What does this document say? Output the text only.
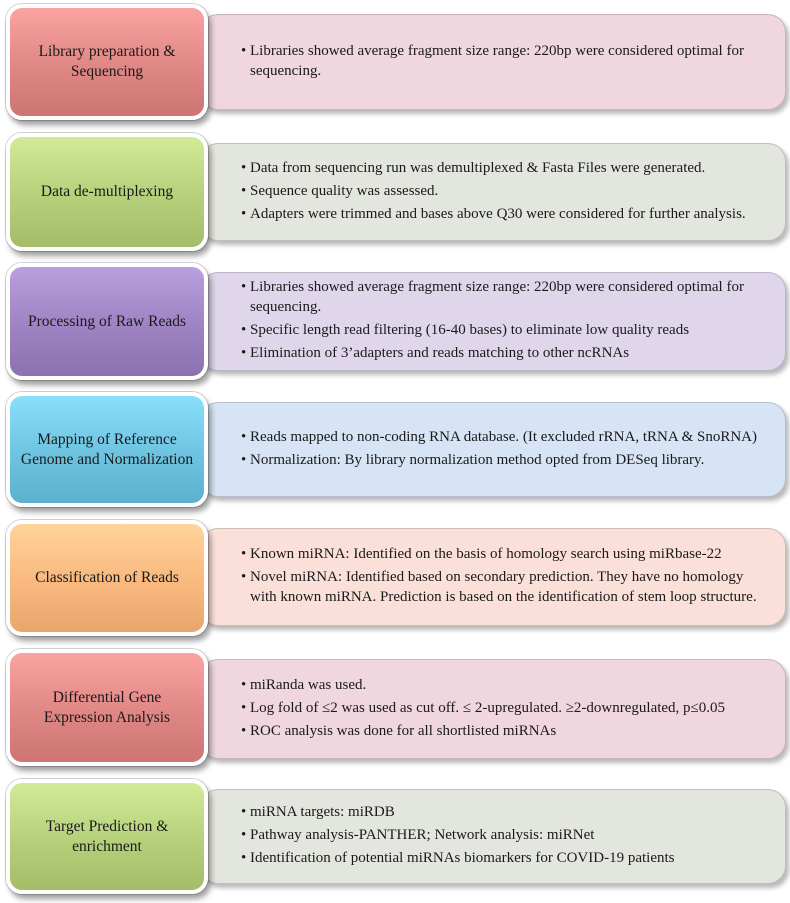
• Libraries showed average fragment size range: 220bp were considered optimal for sequencing.
Library preparation & Sequencing
• Data from sequencing run was demultiplexed & Fasta Files were generated.
• Sequence quality was assessed.
• Adapters were trimmed and bases above Q30 were considered for further analysis.
Data de-multiplexing
• Libraries showed average fragment size range: 220bp were considered optimal for sequencing.
• Specific length read filtering (16-40 bases) to eliminate low quality reads
• Elimination of 3’adapters and reads matching to other ncRNAs
Processing of Raw Reads
• Reads mapped to non-coding RNA database. (It excluded rRNA, tRNA & SnoRNA)
• Normalization: By library normalization method opted from DESeq library.
Mapping of Reference Genome and Normalization
• Known miRNA: Identified on the basis of homology search using miRbase-22
• Novel miRNA: Identified based on secondary prediction. They have no homology with known miRNA. Prediction is based on the identification of stem loop structure.
Classification of Reads
• miRanda was used.
• Log fold of ≤2 was used as cut off. ≤ 2-upregulated. ≥2-downregulated, p≤0.05
• ROC analysis was done for all shortlisted miRNAs
Differential Gene Expression Analysis
• miRNA targets: miRDB
• Pathway analysis-PANTHER; Network analysis: miRNet
• Identification of potential miRNAs biomarkers for COVID-19 patients
Target Prediction & enrichment
